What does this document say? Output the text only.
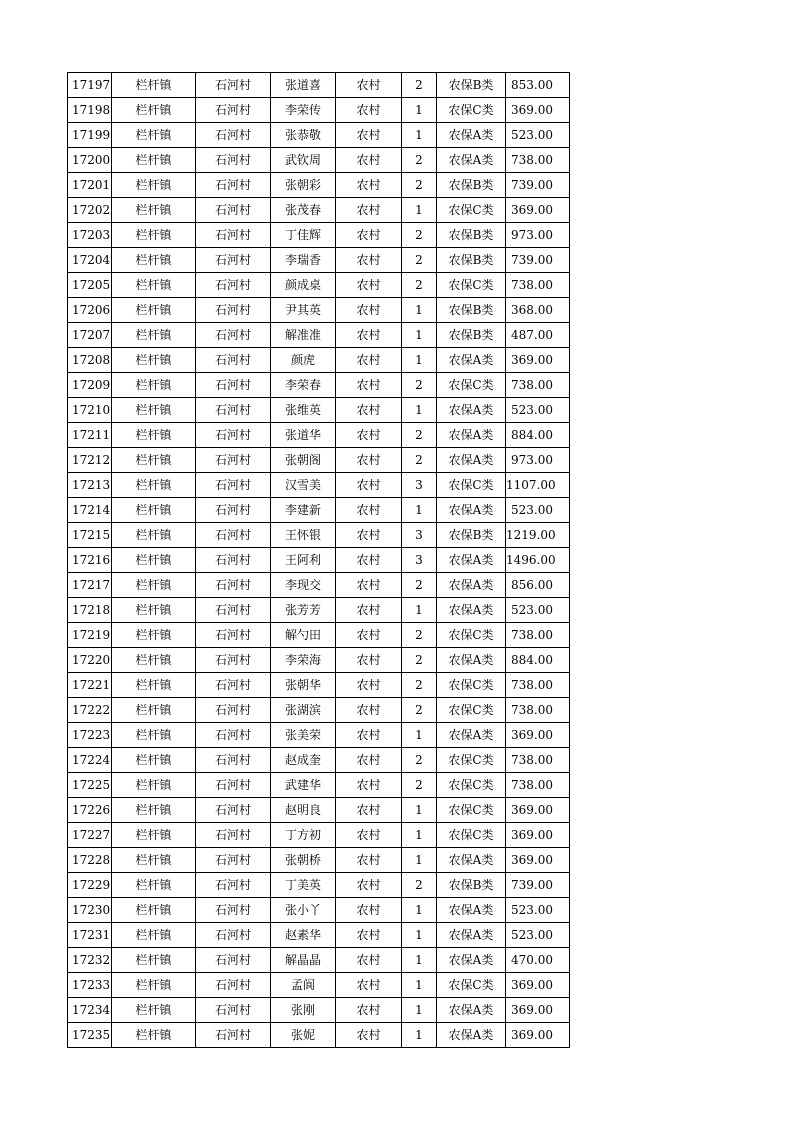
17197	栏杆镇	石河村	张道喜	农村	2	农保B类	853.00
17198	栏杆镇	石河村	李荣传	农村	1	农保C类	369.00
17199	栏杆镇	石河村	张恭敬	农村	1	农保A类	523.00
17200	栏杆镇	石河村	武钦周	农村	2	农保A类	738.00
17201	栏杆镇	石河村	张朝彩	农村	2	农保B类	739.00
17202	栏杆镇	石河村	张茂春	农村	1	农保C类	369.00
17203	栏杆镇	石河村	丁佳辉	农村	2	农保B类	973.00
17204	栏杆镇	石河村	李瑞香	农村	2	农保B类	739.00
17205	栏杆镇	石河村	颜成桌	农村	2	农保C类	738.00
17206	栏杆镇	石河村	尹其英	农村	1	农保B类	368.00
17207	栏杆镇	石河村	解准准	农村	1	农保B类	487.00
17208	栏杆镇	石河村	颜虎	农村	1	农保A类	369.00
17209	栏杆镇	石河村	李荣春	农村	2	农保C类	738.00
17210	栏杆镇	石河村	张维英	农村	1	农保A类	523.00
17211	栏杆镇	石河村	张道华	农村	2	农保A类	884.00
17212	栏杆镇	石河村	张朝阁	农村	2	农保A类	973.00
17213	栏杆镇	石河村	汉雪美	农村	3	农保C类	1107.00
17214	栏杆镇	石河村	李建新	农村	1	农保A类	523.00
17215	栏杆镇	石河村	王怀银	农村	3	农保B类	1219.00
17216	栏杆镇	石河村	王阿利	农村	3	农保A类	1496.00
17217	栏杆镇	石河村	李现交	农村	2	农保A类	856.00
17218	栏杆镇	石河村	张芳芳	农村	1	农保A类	523.00
17219	栏杆镇	石河村	解勺田	农村	2	农保C类	738.00
17220	栏杆镇	石河村	李荣海	农村	2	农保A类	884.00
17221	栏杆镇	石河村	张朝华	农村	2	农保C类	738.00
17222	栏杆镇	石河村	张湖滨	农村	2	农保C类	738.00
17223	栏杆镇	石河村	张美荣	农村	1	农保A类	369.00
17224	栏杆镇	石河村	赵成奎	农村	2	农保C类	738.00
17225	栏杆镇	石河村	武建华	农村	2	农保C类	738.00
17226	栏杆镇	石河村	赵明良	农村	1	农保C类	369.00
17227	栏杆镇	石河村	丁方初	农村	1	农保C类	369.00
17228	栏杆镇	石河村	张朝桥	农村	1	农保A类	369.00
17229	栏杆镇	石河村	丁美英	农村	2	农保B类	739.00
17230	栏杆镇	石河村	张小丫	农村	1	农保A类	523.00
17231	栏杆镇	石河村	赵素华	农村	1	农保A类	523.00
17232	栏杆镇	石河村	解晶晶	农村	1	农保A类	470.00
17233	栏杆镇	石河村	孟阆	农村	1	农保C类	369.00
17234	栏杆镇	石河村	张刚	农村	1	农保A类	369.00
17235	栏杆镇	石河村	张妮	农村	1	农保A类	369.00
